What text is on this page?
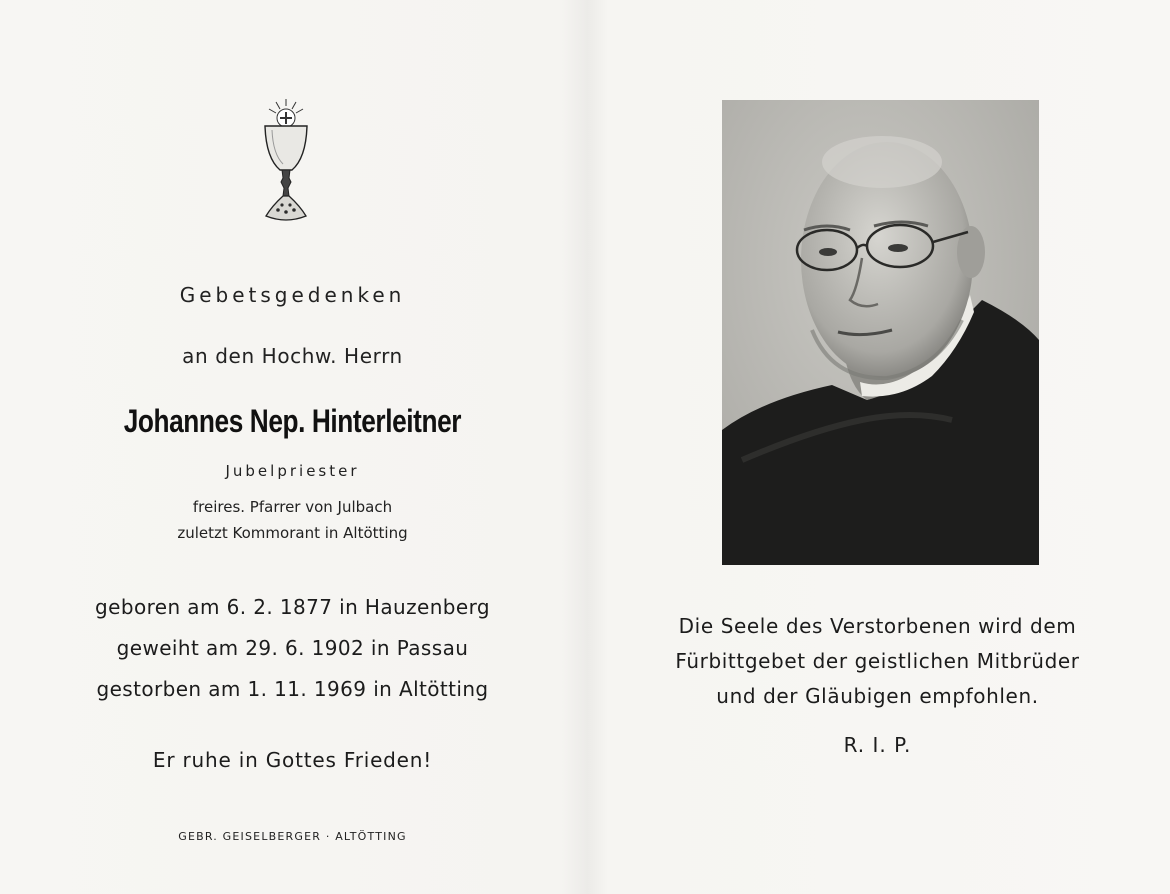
Gebetsgedenken
an den Hochw. Herrn
Johannes Nep. Hinterleitner
Jubelpriester
freires. Pfarrer von Julbach
zuletzt Kommorant in Altötting
geboren am 6. 2. 1877 in Hauzenberg
geweiht am 29. 6. 1902 in Passau
gestorben am 1. 11. 1969 in Altötting
Er ruhe in Gottes Frieden!
GEBR. GEISELBERGER · ALTÖTTING
Die Seele des Verstorbenen wird dem
Fürbittgebet der geistlichen Mitbrüder
und der Gläubigen empfohlen.
R. I. P.
